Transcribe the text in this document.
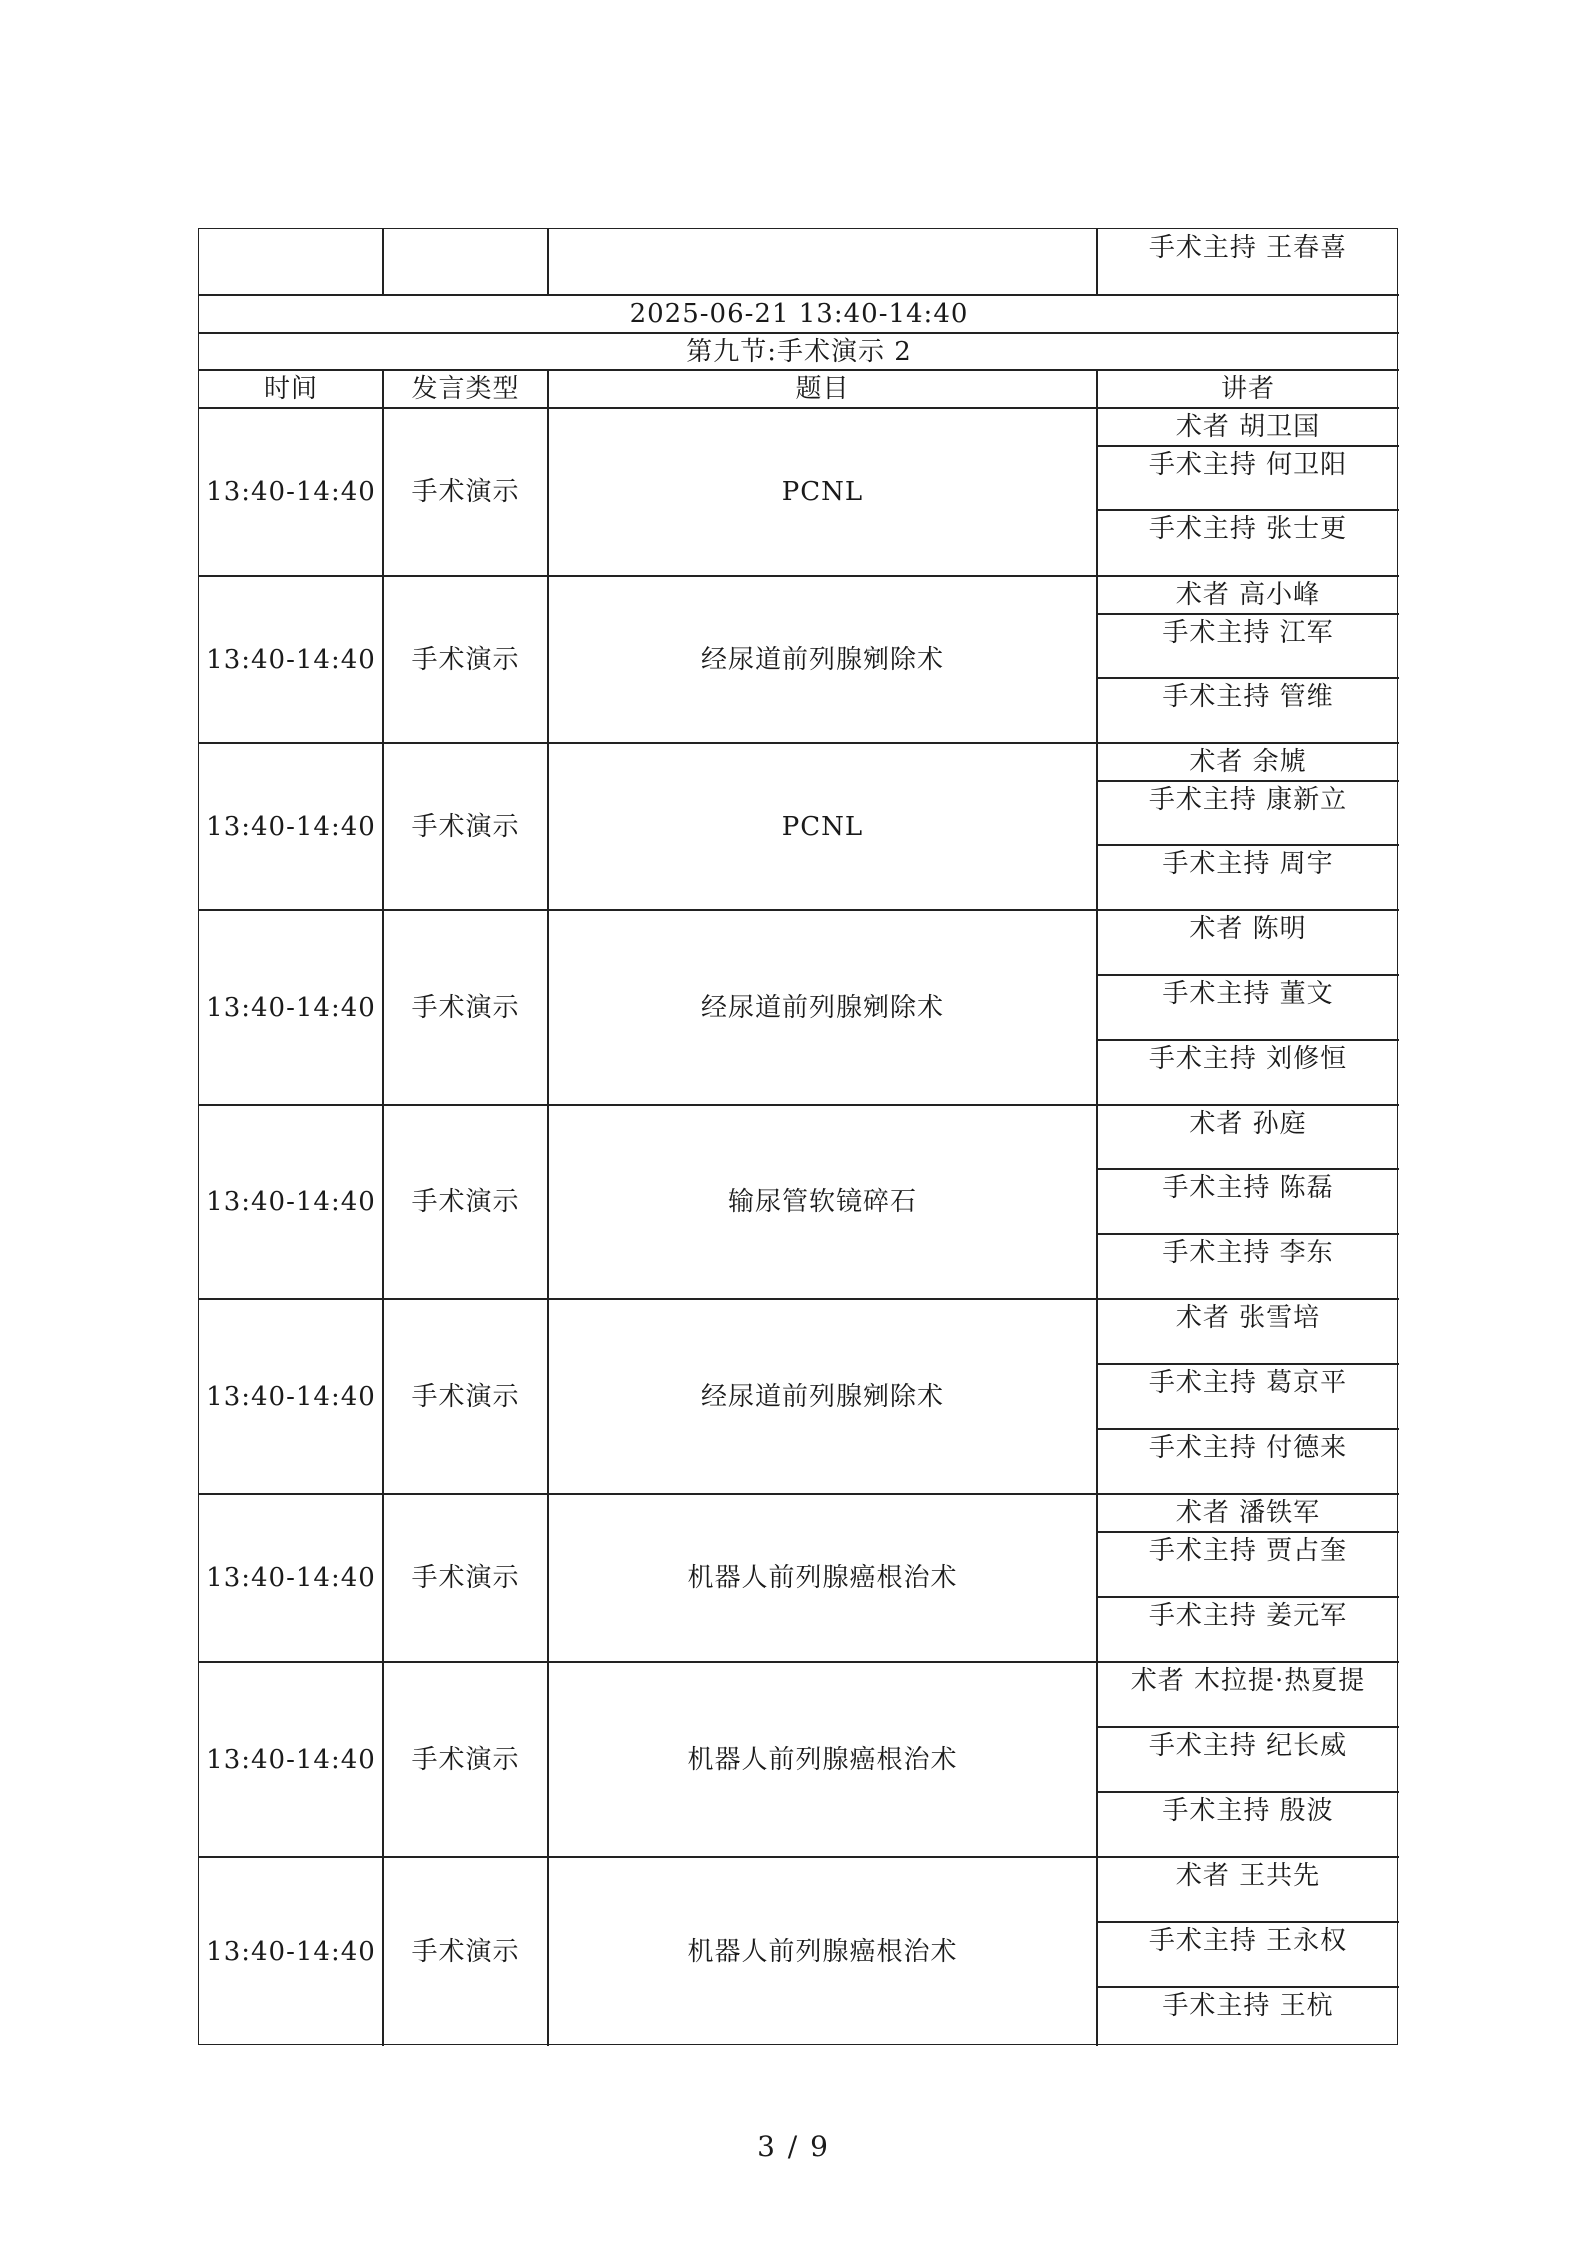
手术主持 王春喜
2025-06-21 13:40-14:40
第九节:手术演示 2
时间	发言类型	题目	讲者
13:40-14:40	手术演示	PCNL
术者 胡卫国
手术主持 何卫阳
手术主持 张士更
13:40-14:40	手术演示	经尿道前列腺剜除术
术者 高小峰
手术主持 江军
手术主持 管维
13:40-14:40	手术演示	PCNL
术者 余虓
手术主持 康新立
手术主持 周宇
13:40-14:40	手术演示	经尿道前列腺剜除术
术者 陈明
手术主持 董文
手术主持 刘修恒
13:40-14:40	手术演示	输尿管软镜碎石
术者 孙庭
手术主持 陈磊
手术主持 李东
13:40-14:40	手术演示	经尿道前列腺剜除术
术者 张雪培
手术主持 葛京平
手术主持 付德来
13:40-14:40	手术演示	机器人前列腺癌根治术
术者 潘铁军
手术主持 贾占奎
手术主持 姜元军
13:40-14:40	手术演示	机器人前列腺癌根治术
术者 木拉提·热夏提
手术主持 纪长威
手术主持 殷波
13:40-14:40	手术演示	机器人前列腺癌根治术
术者 王共先
手术主持 王永权
手术主持 王杭
3 / 9
